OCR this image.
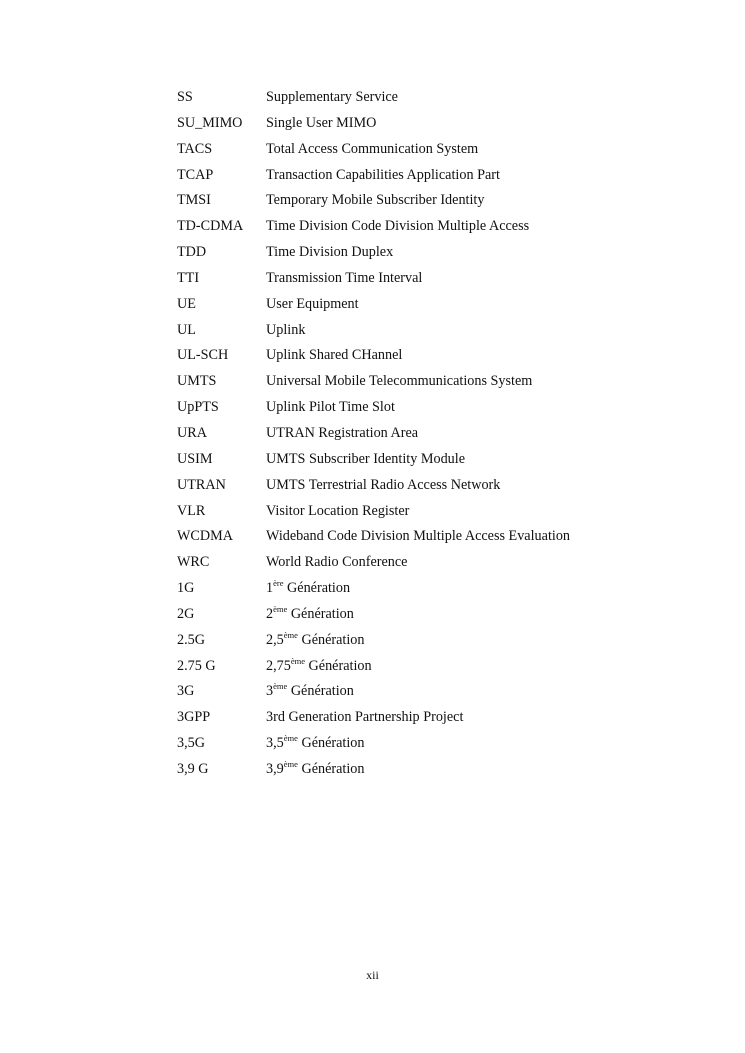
SS	Supplementary Service
SU_MIMO	Single User MIMO
TACS	Total Access Communication System
TCAP	Transaction Capabilities Application Part
TMSI	Temporary Mobile Subscriber Identity
TD-CDMA	Time Division Code Division Multiple Access
TDD	Time Division Duplex
TTI	Transmission Time Interval
UE	User Equipment
UL	Uplink
UL-SCH	Uplink Shared CHannel
UMTS	Universal Mobile Telecommunications System
UpPTS	Uplink Pilot Time Slot
URA	UTRAN Registration Area
USIM	UMTS Subscriber Identity Module
UTRAN	UMTS Terrestrial Radio Access Network
VLR	Visitor Location Register
WCDMA	Wideband Code Division Multiple Access Evaluation
WRC	World Radio Conference
1G	1ère Génération
2G	2ème Génération
2.5G	2,5ème Génération
2.75 G	2,75ème Génération
3G	3ème Génération
3GPP	3rd Generation Partnership Project
3,5G	3,5ème Génération
3,9 G	3,9ème Génération
xii
